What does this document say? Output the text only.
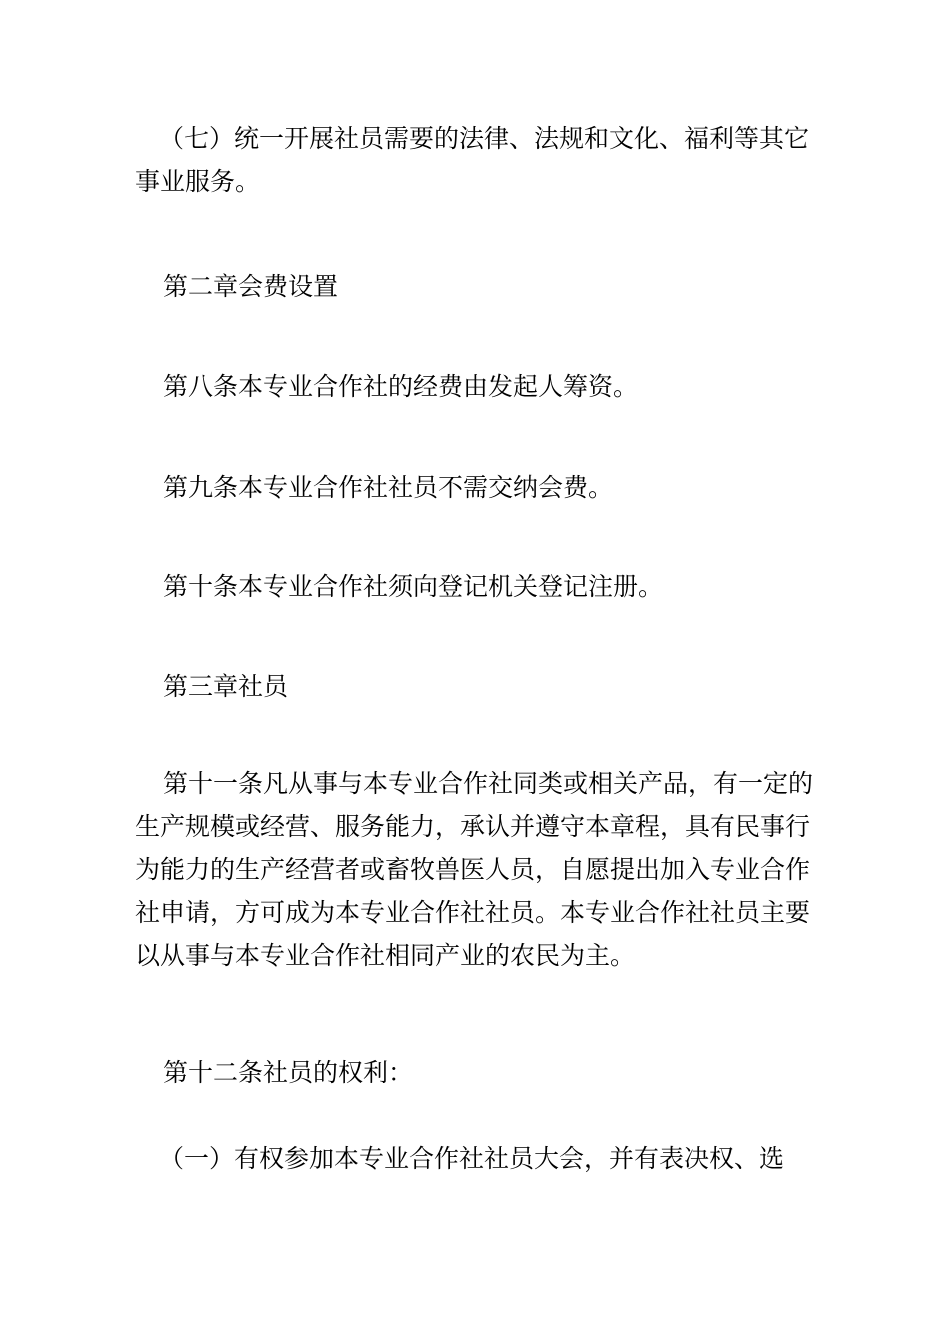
（七）统一开展社员需要的法律、法规和文化、福利等其它事业服务。

第二章会费设置

第八条本专业合作社的经费由发起人筹资。

第九条本专业合作社社员不需交纳会费。

第十条本专业合作社须向登记机关登记注册。

第三章社员

第十一条凡从事与本专业合作社同类或相关产品，有一定的生产规模或经营、服务能力，承认并遵守本章程，具有民事行为能力的生产经营者或畜牧兽医人员，自愿提出加入专业合作社申请，方可成为本专业合作社社员。本专业合作社社员主要以从事与本专业合作社相同产业的农民为主。

第十二条社员的权利：

（一）有权参加本专业合作社社员大会，并有表决权、选
